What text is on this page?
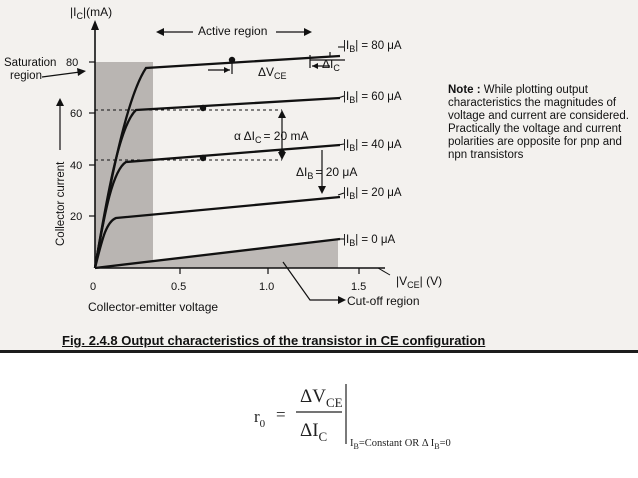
$|I_C|(mA)$
80
60
40
20
0	0.5	1.0	1.5 $|V_{CE}|$ (V)
Collector-emitter voltage	Cut-off region
Collector current
Saturation
region
Active region
$\Delta V_{CE}$
$\Delta I_C$
α $\Delta I_C = 20$ mA
$\Delta I_B = 20$ μA
$|I_B| = 80$ μA
$|I_B| = 60$ μA
$|I_B| = 40$ μA
$|I_B| = 20$ μA
$|I_B| = 0$ μA
Note : While plotting output characteristics the magnitudes of voltage and current are considered. Practically the voltage and current polarities are opposite for pnp and npn transistors
Fig. 2.4.8 Output characteristics of the transistor in CE configuration
$r_0$ =
$\Delta V_{CE}$
$\Delta I_C$ $I_B=Constant$ OR Δ $I_B=0$
